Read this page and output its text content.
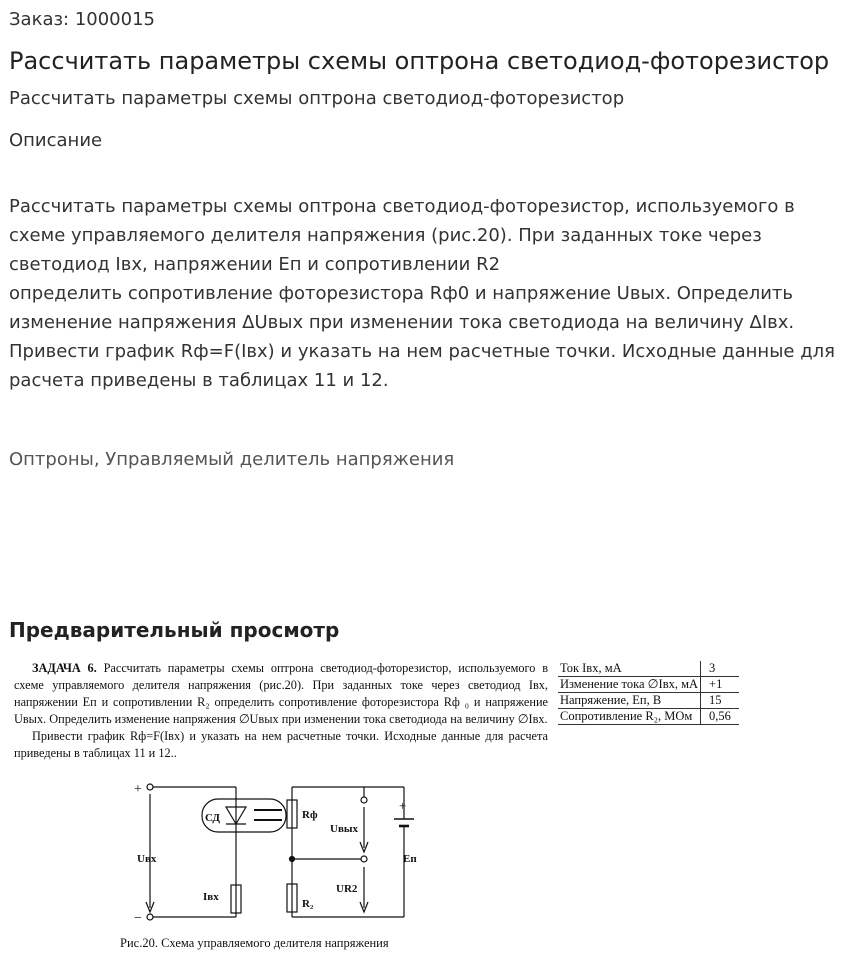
Заказ: 1000015
Рассчитать параметры схемы оптрона светодиод-фоторезистор
Рассчитать параметры схемы оптрона светодиод-фоторезистор
Описание

Рассчитать параметры схемы оптрона светодиод-фоторезистор, используемого в схеме управляемого делителя напряжения (рис.20). При заданных токе через светодиод Iвх, напряжении Eп и сопротивлении R2

определить сопротивление фоторезистора Rф0 и напряжение Uвых. Определить изменение напряжения ΔUвых при изменении тока светодиода на величину ΔIвх. Привести график Rф=F(Iвх) и указать на нем расчетные точки. Исходные данные для расчета приведены в таблицах 11 и 12.

Оптроны, Управляемый делитель напряжения
Предварительный просмотр

ЗАДАЧА 6. Рассчитать параметры схемы оптрона светодиод-фоторезистор, используемого в схеме управляемого делителя напряжения (рис.20). При заданных токе через светодиод Iвх, напряжении Eп и сопротивлении R₂ определить сопротивление фоторезистора Rф ₀ и напряжение Uвых. Определить изменение напряжения ∅Uвых при изменении тока светодиода на величину ∅Iвх.

Привести график Rф=F(Iвх) и указать на нем расчетные точки. Исходные данные для расчета приведены в таблицах 11 и 12..

Ток Iвх, мА	3
Изменение тока ∅Iвх, мА	+1
Напряжение, Eп, В	15
Сопротивление R₂, МОм	0,56
+
−
СД	Rф
Uвх
Iвх
Uвых
UR2
R₂
Eп
+
Рис.20. Схема управляемого делителя напряжения
